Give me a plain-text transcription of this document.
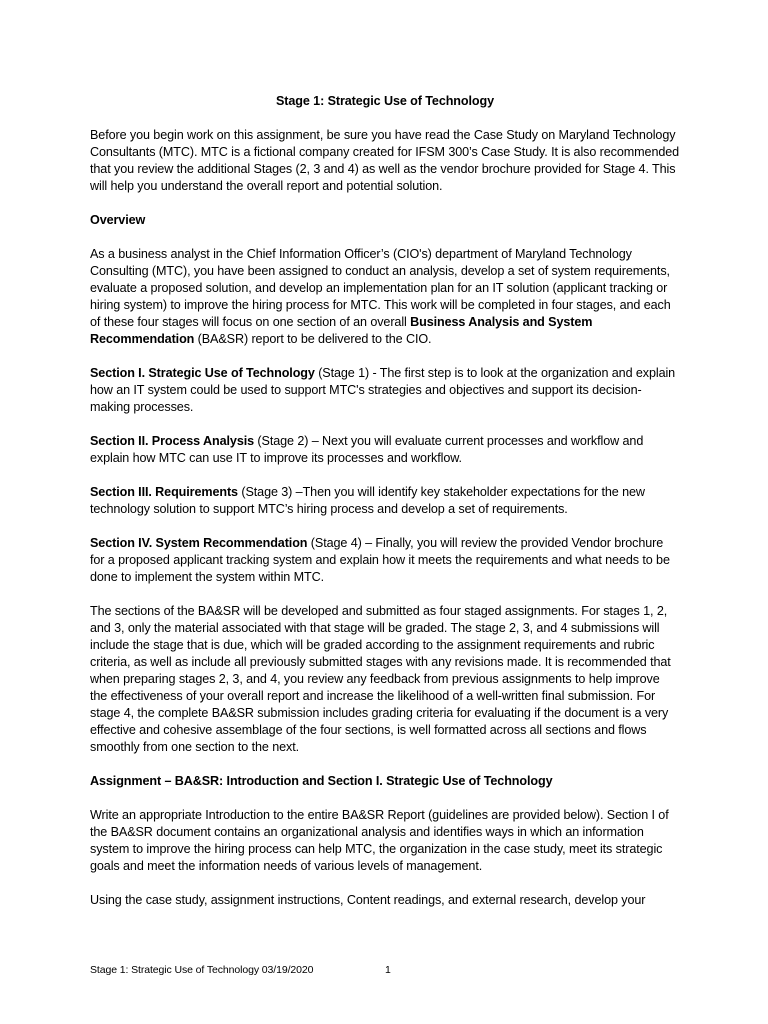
Stage 1: Strategic Use of Technology

Before you begin work on this assignment, be sure you have read the Case Study on Maryland Technology Consultants (MTC). MTC is a fictional company created for IFSM 300’s Case Study. It is also recommended that you review the additional Stages (2, 3 and 4) as well as the vendor brochure provided for Stage 4. This will help you understand the overall report and potential solution.

Overview

As a business analyst in the Chief Information Officer’s (CIO's) department of Maryland Technology Consulting (MTC), you have been assigned to conduct an analysis, develop a set of system requirements, evaluate a proposed solution, and develop an implementation plan for an IT solution (applicant tracking or hiring system) to improve the hiring process for MTC. This work will be completed in four stages, and each of these four stages will focus on one section of an overall Business Analysis and System Recommendation (BA&SR) report to be delivered to the CIO.

Section I. Strategic Use of Technology (Stage 1) - The first step is to look at the organization and explain how an IT system could be used to support MTC's strategies and objectives and support its decision-making processes.

Section II. Process Analysis (Stage 2) – Next you will evaluate current processes and workflow and explain how MTC can use IT to improve its processes and workflow.

Section III. Requirements (Stage 3) –Then you will identify key stakeholder expectations for the new technology solution to support MTC’s hiring process and develop a set of requirements.

Section IV. System Recommendation (Stage 4) – Finally, you will review the provided Vendor brochure for a proposed applicant tracking system and explain how it meets the requirements and what needs to be done to implement the system within MTC.

The sections of the BA&SR will be developed and submitted as four staged assignments. For stages 1, 2, and 3, only the material associated with that stage will be graded. The stage 2, 3, and 4 submissions will include the stage that is due, which will be graded according to the assignment requirements and rubric criteria, as well as include all previously submitted stages with any revisions made. It is recommended that when preparing stages 2, 3, and 4, you review any feedback from previous assignments to help improve the effectiveness of your overall report and increase the likelihood of a well-written final submission. For stage 4, the complete BA&SR submission includes grading criteria for evaluating if the document is a very effective and cohesive assemblage of the four sections, is well formatted across all sections and flows smoothly from one section to the next.

Assignment – BA&SR: Introduction and Section I. Strategic Use of Technology

Write an appropriate Introduction to the entire BA&SR Report (guidelines are provided below). Section I of the BA&SR document contains an organizational analysis and identifies ways in which an information system to improve the hiring process can help MTC, the organization in the case study, meet its strategic goals and meet the information needs of various levels of management.

Using the case study, assignment instructions, Content readings, and external research, develop your

Stage 1: Strategic Use of Technology 03/19/2020	1
